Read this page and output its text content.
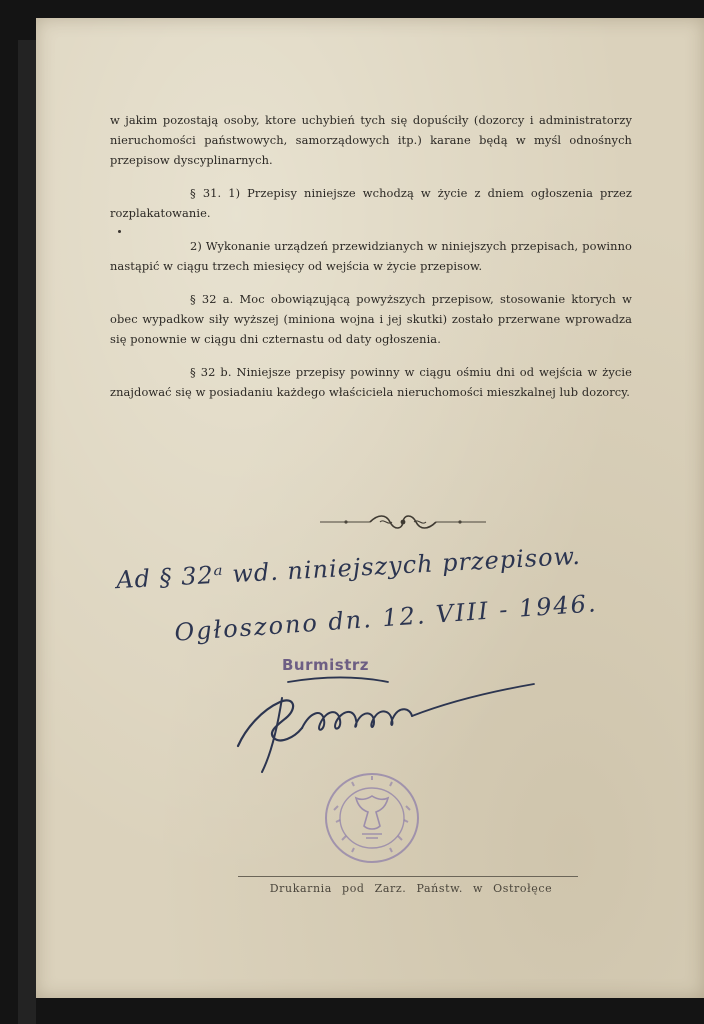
w jakim pozostają osoby, ktore uchybień tych się dopuściły (dozorcy i administratorzy nieruchomości państwowych, samorządowych itp.) karane będą w myśl odnośnych przepisow dyscyplinarnych.

§ 31. 1) Przepisy niniejsze wchodzą w życie z dniem ogłoszenia przez rozplakatowanie.

2) Wykonanie urządzeń przewidzianych w niniejszych przepisach, powinno nastąpić w ciągu trzech miesięcy od wejścia w życie przepisow.

§ 32 a. Moc obowiązującą powyższych przepisow, stosowanie ktorych w obec wypadkow siły wyższej (miniona wojna i jej skutki) zostało przerwane wprowadza się ponownie w ciągu dni czternastu od daty ogłoszenia.

§ 32 b. Niniejsze przepisy powinny w ciągu ośmiu dni od wejścia w życie znajdować się w posiadaniu każdego właściciela nieruchomości mieszkalnej lub dozorcy.

Ad § 32ᵃ wd. niniejszych przepisow.
Ogłoszono dn. 12. VIII - 1946.
Burmistrz
Drukarnia pod Zarz. Państw. w Ostrołęce
